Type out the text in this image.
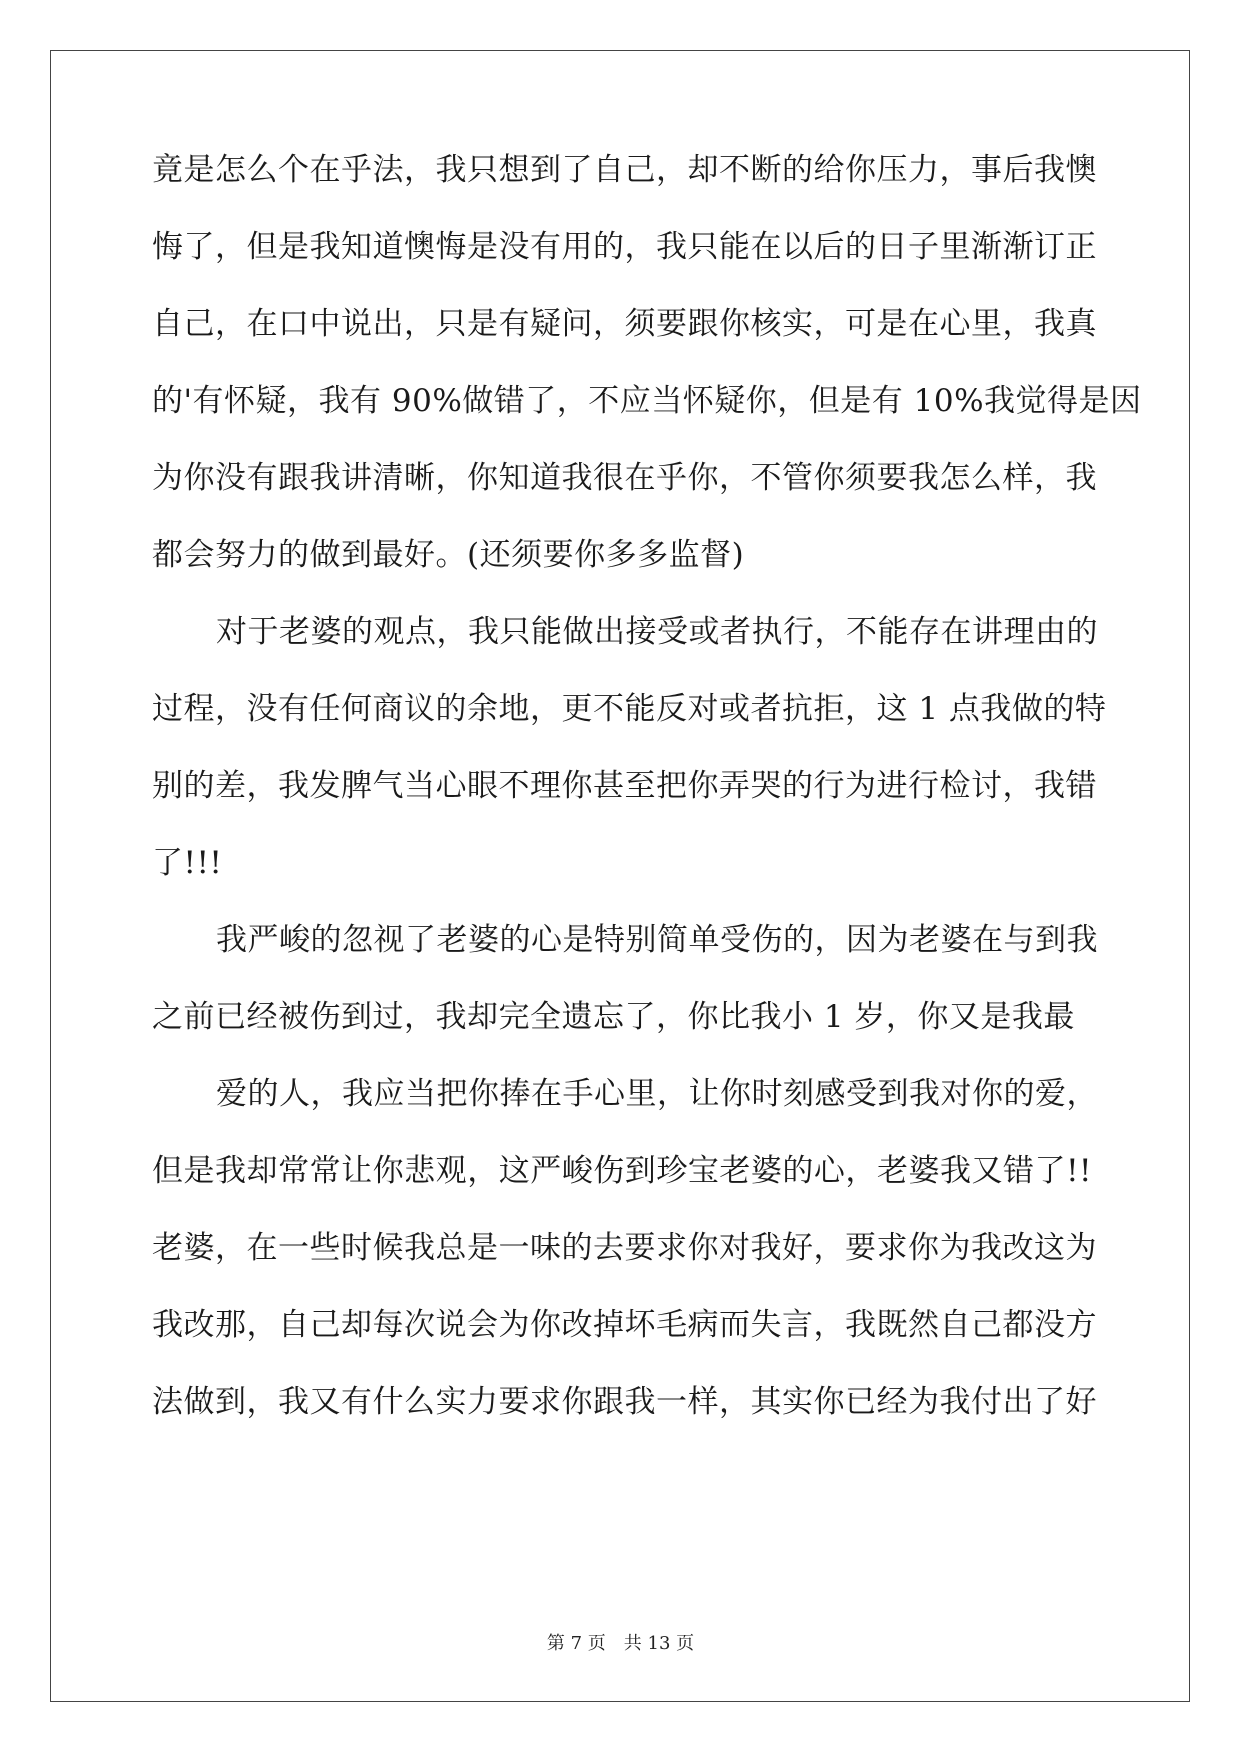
竟是怎么个在乎法，我只想到了自己，却不断的给你压力，事后我懊
悔了，但是我知道懊悔是没有用的，我只能在以后的日子里渐渐订正
自己，在口中说出，只是有疑问，须要跟你核实，可是在心里，我真
的'有怀疑，我有 90%做错了，不应当怀疑你，但是有 10%我觉得是因
为你没有跟我讲清晰，你知道我很在乎你，不管你须要我怎么样，我
都会努力的做到最好。(还须要你多多监督)
对于老婆的观点，我只能做出接受或者执行，不能存在讲理由的
过程，没有任何商议的余地，更不能反对或者抗拒，这 1 点我做的特
别的差，我发脾气当心眼不理你甚至把你弄哭的行为进行检讨，我错
了!!!
我严峻的忽视了老婆的心是特别简单受伤的，因为老婆在与到我
之前已经被伤到过，我却完全遗忘了，你比我小 1 岁，你又是我最
爱的人，我应当把你捧在手心里，让你时刻感受到我对你的爱，
但是我却常常让你悲观，这严峻伤到珍宝老婆的心，老婆我又错了!!
老婆，在一些时候我总是一味的去要求你对我好，要求你为我改这为
我改那，自己却每次说会为你改掉坏毛病而失言，我既然自己都没方
法做到，我又有什么实力要求你跟我一样，其实你已经为我付出了好
第 7 页　共 13 页
